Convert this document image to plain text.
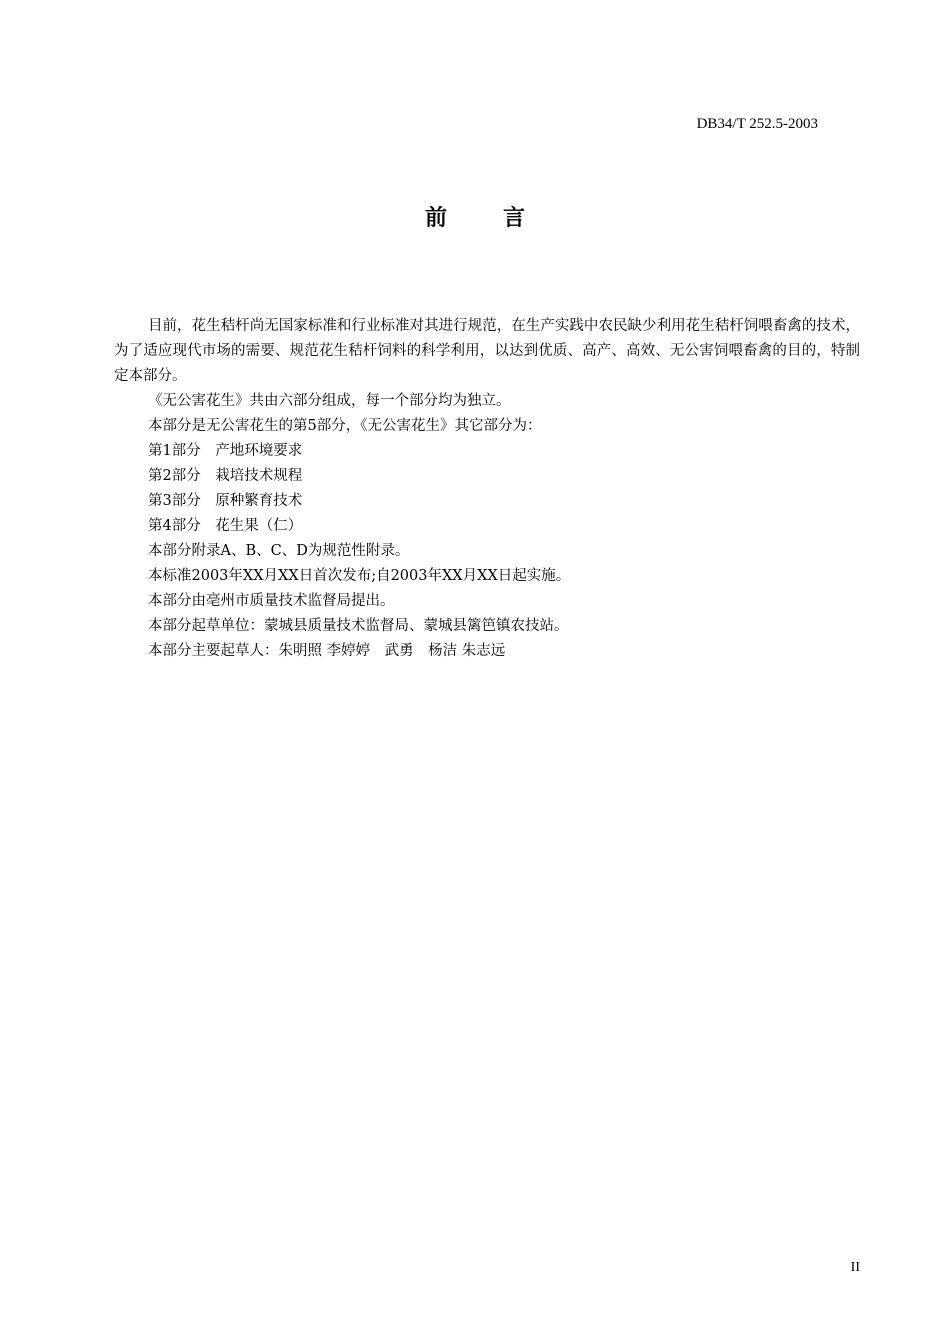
DB34/T 252.5-2003
前言

目前，花生秸杆尚无国家标准和行业标准对其进行规范，在生产实践中农民缺少利用花生秸杆饲喂畜禽的技术，为了适应现代市场的需要、规范花生秸杆饲料的科学利用，以达到优质、高产、高效、无公害饲喂畜禽的目的，特制定本部分。

《无公害花生》共由六部分组成，每一个部分均为独立。

本部分是无公害花生的第5部分，《无公害花生》其它部分为：

第1部分　产地环境要求

第2部分　栽培技术规程

第3部分　原种繁育技术

第4部分　花生果（仁）

本部分附录A、B、C、D为规范性附录。

本标准2003年XX月XX日首次发布;自2003年XX月XX日起实施。

本部分由亳州市质量技术监督局提出。

本部分起草单位：蒙城县质量技术监督局、蒙城县篱笆镇农技站。

本部分主要起草人：朱明照 李婷婷　武勇　杨洁 朱志远

II
